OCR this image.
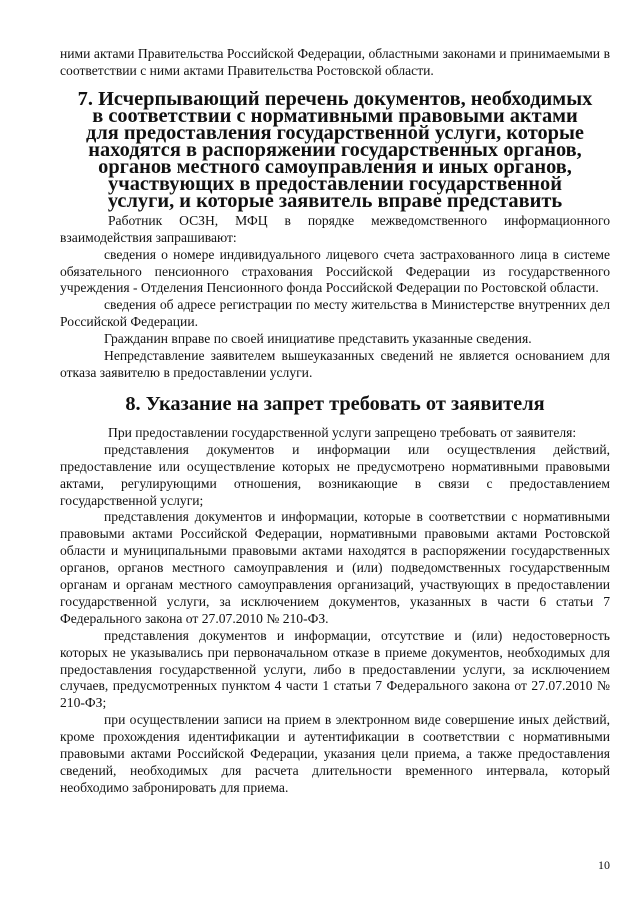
ними актами Правительства Российской Федерации, областными законами и принимаемыми в соответствии с ними актами Правительства Ростовской области.

7. Исчерпывающий перечень документов, необходимых в соответствии с нормативными правовыми актами для предоставления государственной услуги, которые находятся в распоряжении государственных органов, органов местного самоуправления и иных органов, участвующих в предоставлении государственной услуги, и которые заявитель вправе представить

Работник ОСЗН, МФЦ в порядке межведомственного информационного взаимодействия запрашивают:

сведения о номере индивидуального лицевого счета застрахованного лица в системе обязательного пенсионного страхования Российской Федерации из государственного учреждения - Отделения Пенсионного фонда Российской Федерации по Ростовской области.

сведения об адресе регистрации по месту жительства в Министерстве внутренних дел Российской Федерации.

Гражданин вправе по своей инициативе представить указанные сведения.

Непредставление заявителем вышеуказанных сведений не является основанием для отказа заявителю в предоставлении услуги.

8. Указание на запрет требовать от заявителя

При предоставлении государственной услуги запрещено требовать от заявителя:

представления документов и информации или осуществления действий, предоставление или осуществление которых не предусмотрено нормативными правовыми актами, регулирующими отношения, возникающие в связи с предоставлением государственной услуги;

представления документов и информации, которые в соответствии с нормативными правовыми актами Российской Федерации, нормативными правовыми актами Ростовской области и муниципальными правовыми актами находятся в распоряжении государственных органов, органов местного самоуправления и (или) подведомственных государственным органам и органам местного самоуправления организаций, участвующих в предоставлении государственной услуги, за исключением документов, указанных в части 6 статьи 7 Федерального закона от 27.07.2010 № 210-ФЗ.

представления документов и информации, отсутствие и (или) недостоверность которых не указывались при первоначальном отказе в приеме документов, необходимых для предоставления государственной услуги, либо в предоставлении услуги, за исключением случаев, предусмотренных пунктом 4 части 1 статьи 7 Федерального закона от 27.07.2010 № 210-ФЗ;

при осуществлении записи на прием в электронном виде совершение иных действий, кроме прохождения идентификации и аутентификации в соответствии с нормативными правовыми актами Российской Федерации, указания цели приема, а также предоставления сведений, необходимых для расчета длительности временного интервала, который необходимо забронировать для приема.

10
